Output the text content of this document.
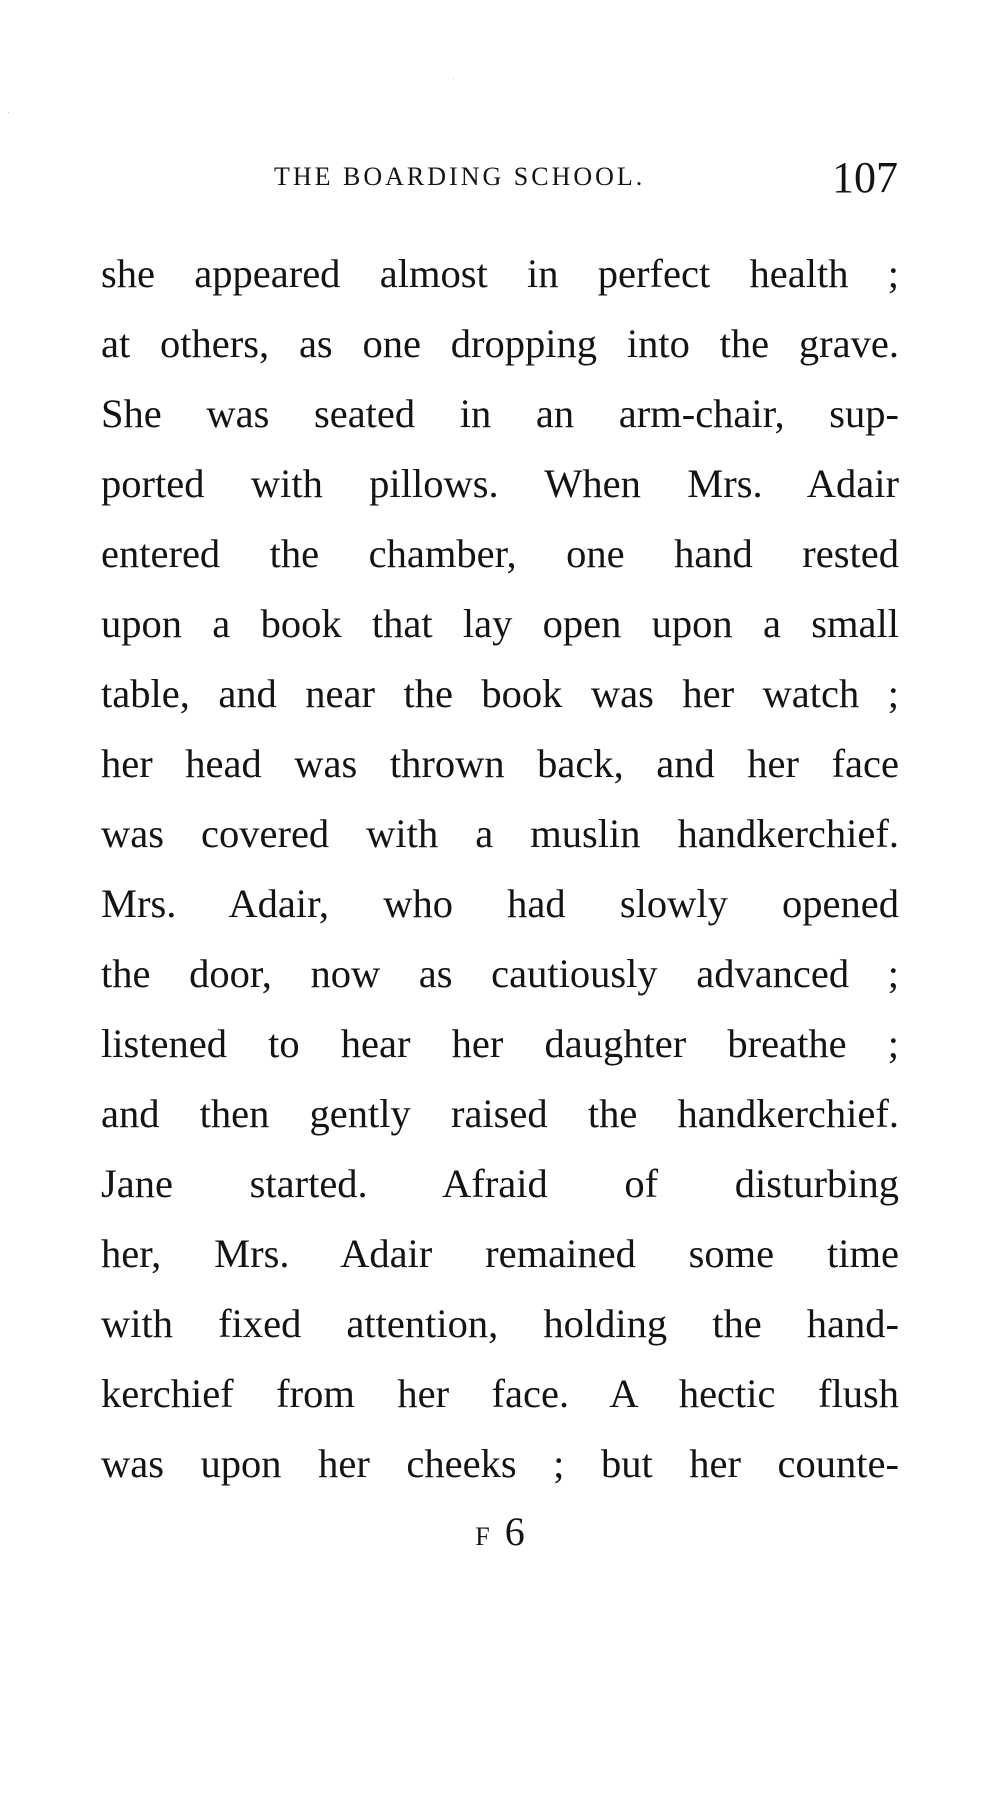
THE BOARDING SCHOOL.	107
she appeared almost in perfect health ;
at others, as one dropping into the grave.
She was seated in an arm-chair, sup-
ported with pillows. When Mrs. Adair
entered the chamber, one hand rested
upon a book that lay open upon a small
table, and near the book was her watch ;
her head was thrown back, and her face
was covered with a muslin handkerchief.
Mrs. Adair, who had slowly opened
the door, now as cautiously advanced ;
listened to hear her daughter breathe ;
and then gently raised the handkerchief.
Jane started. Afraid of disturbing
her, Mrs. Adair remained some time
with fixed attention, holding the hand-
kerchief from her face. A hectic flush
was upon her cheeks ; but her counte-
F 6
